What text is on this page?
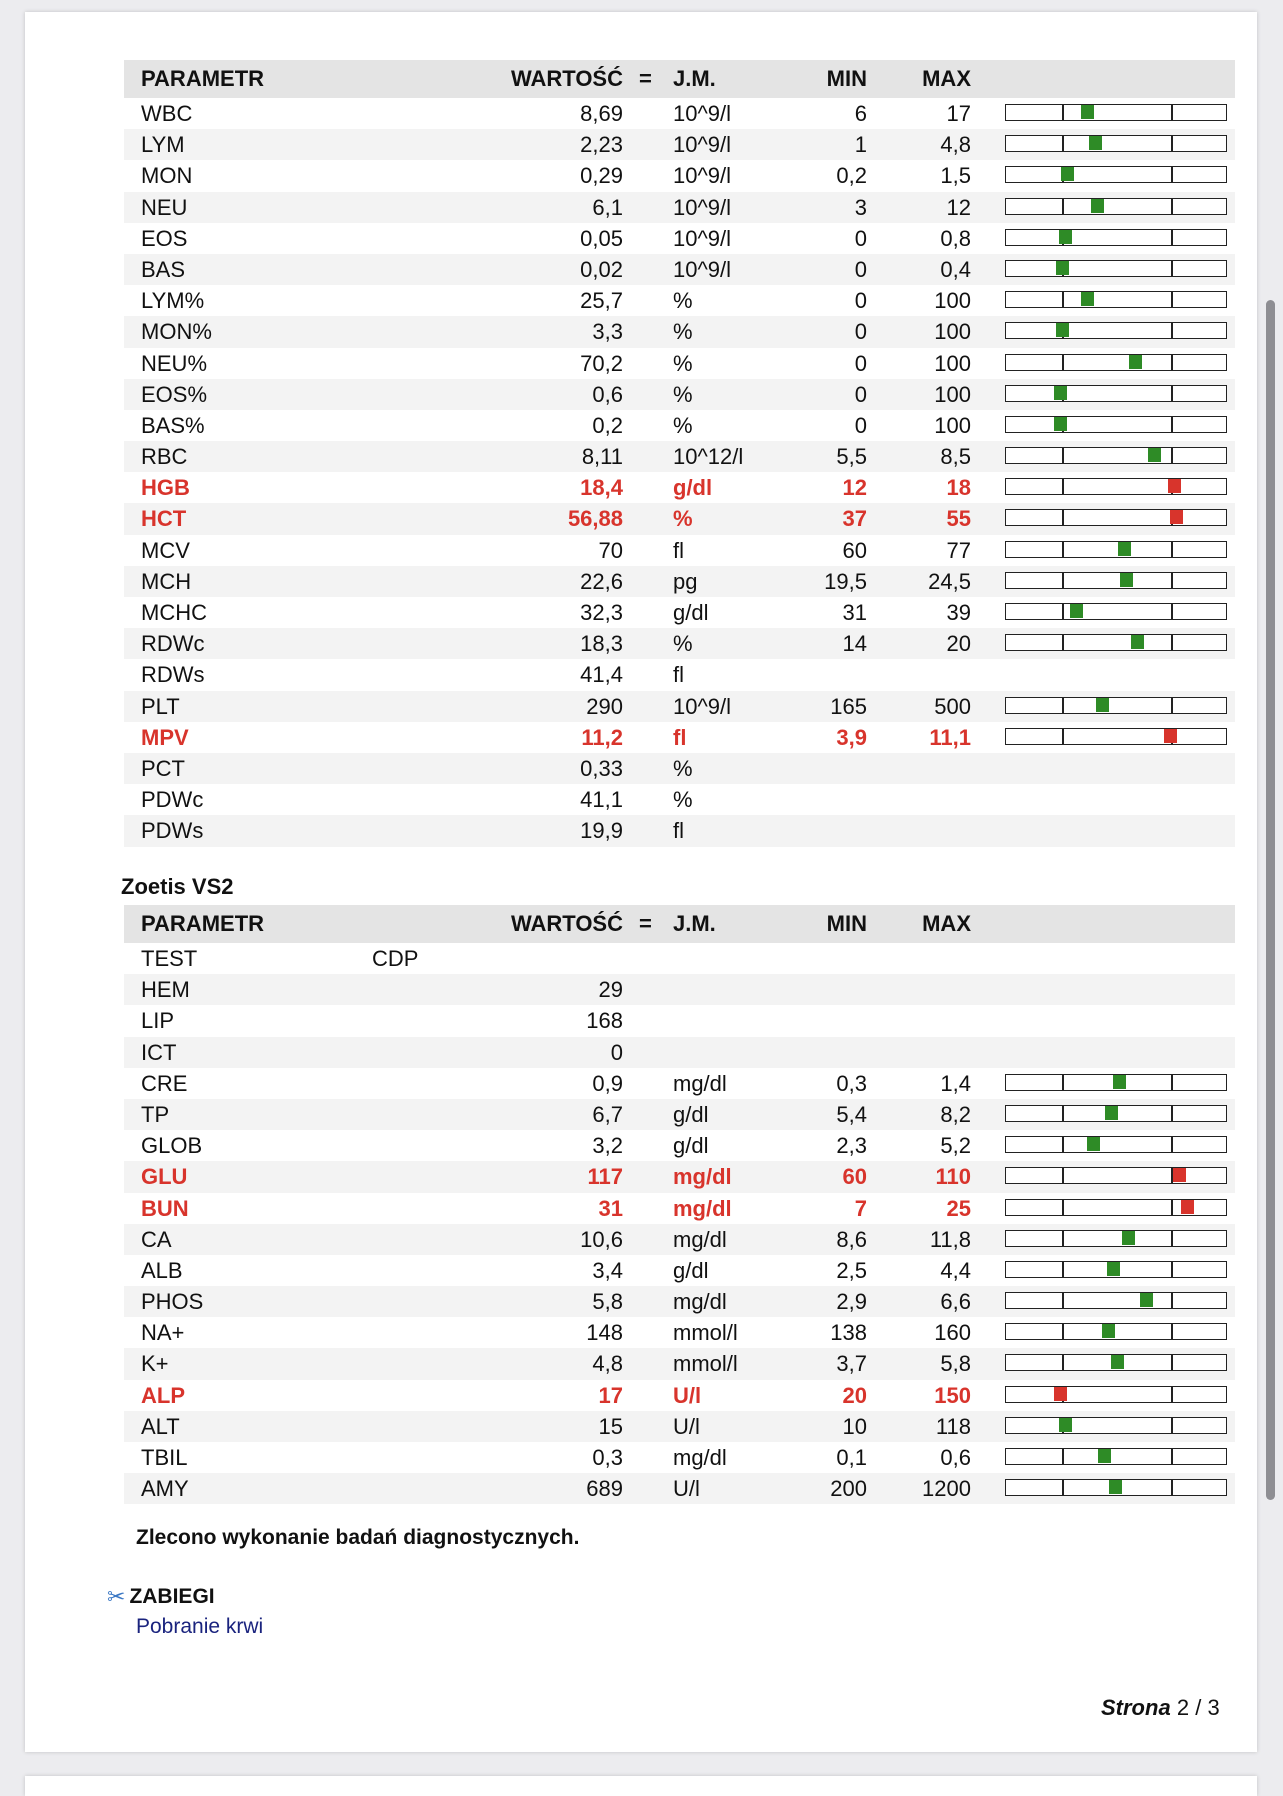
PARAMETR	WARTOŚĆ = J.M.	MIN	MAX
WBC	8,69 10^9/l	6	17
LYM	2,23 10^9/l	1	4,8
MON	0,29 10^9/l	0,2	1,5
NEU	6,1 10^9/l	3	12
EOS	0,05 10^9/l	0	0,8
BAS	0,02 10^9/l	0	0,4
LYM%	25,7 %	0	100
MON%	3,3 %	0	100
NEU%	70,2 %	0	100
EOS%	0,6 %	0	100
BAS%	0,2 %	0	100
RBC	8,11 10^12/l	5,5	8,5
HGB	18,4 g/dl	12	18
HCT	56,88 %	37	55
MCV	70 fl	60	77
MCH	22,6 pg	19,5	24,5
MCHC	32,3 g/dl	31	39
RDWc	18,3 %	14	20
RDWs	41,4 fl
PLT	290 10^9/l	165	500
MPV	11,2 fl	3,9	11,1
PCT	0,33 %
PDWc	41,1 %
PDWs	19,9 fl
Zoetis VS2
PARAMETR	WARTOŚĆ = J.M.	MIN	MAX
TEST	CDP
HEM	29
LIP	168
ICT	0
CRE	0,9 mg/dl	0,3	1,4
TP	6,7 g/dl	5,4	8,2
GLOB	3,2 g/dl	2,3	5,2
GLU	117 mg/dl	60	110
BUN	31 mg/dl	7	25
CA	10,6 mg/dl	8,6	11,8
ALB	3,4 g/dl	2,5	4,4
PHOS	5,8 mg/dl	2,9	6,6
NA+	148 mmol/l	138	160
K+	4,8 mmol/l	3,7	5,8
ALP	17 U/l	20	150
ALT	15 U/l	10	118
TBIL	0,3 mg/dl	0,1	0,6
AMY	689 U/l	200	1200
Zlecono wykonanie badań diagnostycznych.
✂ ZABIEGI
Pobranie krwi
Strona 2 / 3
